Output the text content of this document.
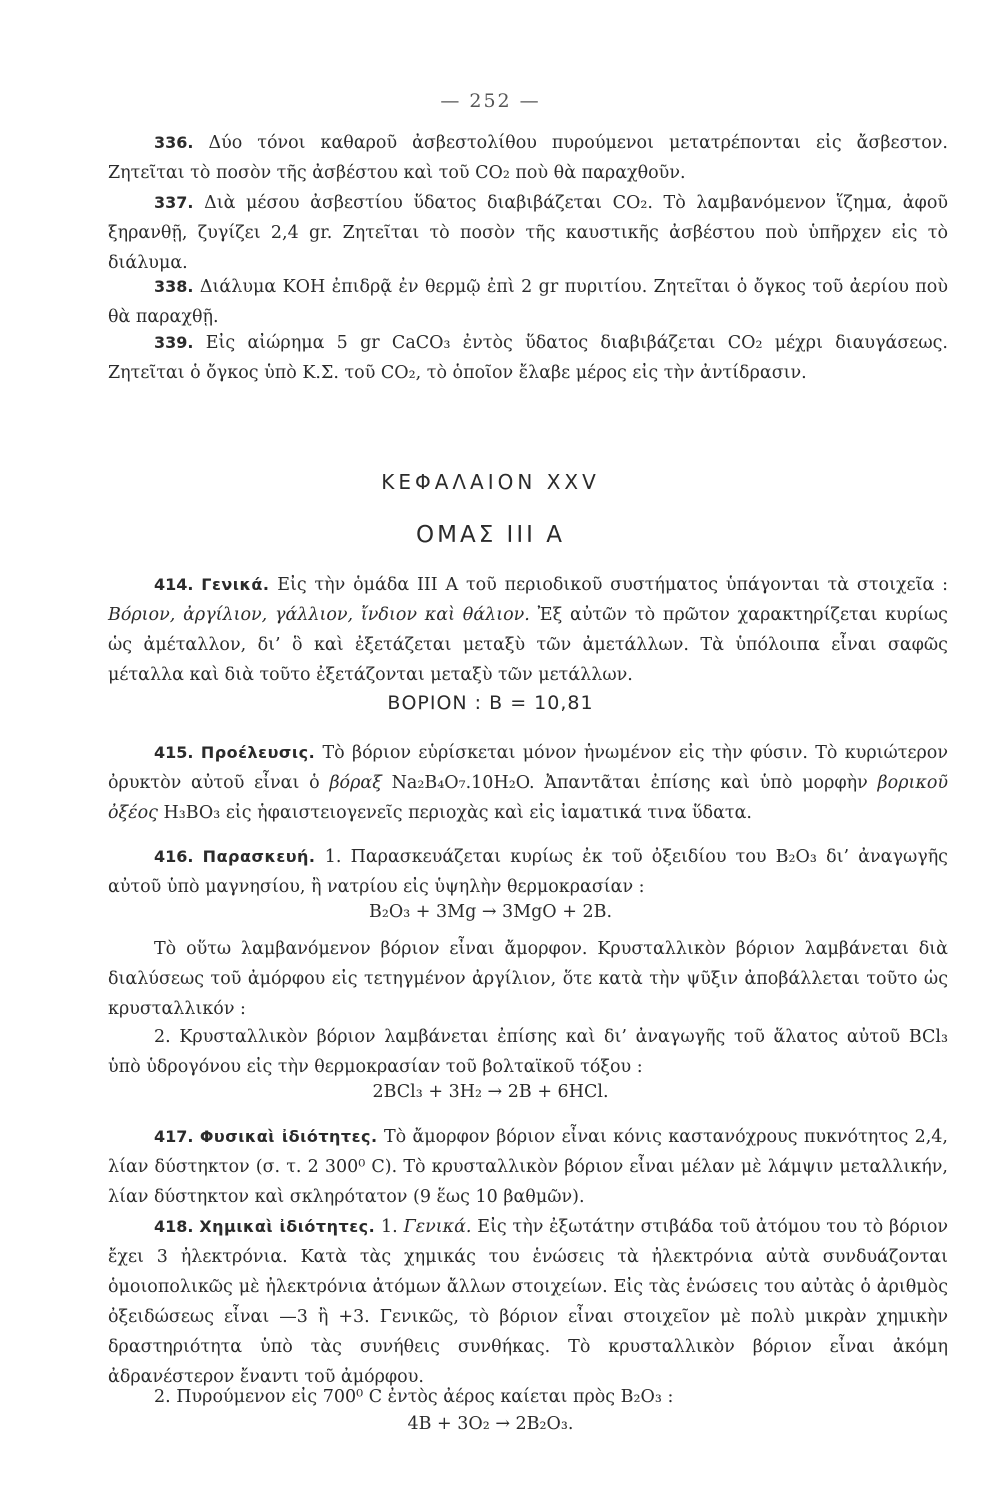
— 252 —
336. Δύο τόνοι καθαροῦ ἀσβεστολίθου πυρούμενοι μετατρέπονται εἰς ἄσβεστον. Ζητεῖται τὸ ποσὸν τῆς ἀσβέστου καὶ τοῦ CO₂ ποὺ θὰ παραχθοῦν.
337. Διὰ μέσου ἀσβεστίου ὕδατος διαβιβάζεται CO₂. Τὸ λαμβανόμενον ἵζημα, ἀφοῦ ξηρανθῇ, ζυγίζει 2,4 gr. Ζητεῖται τὸ ποσὸν τῆς καυστικῆς ἀσβέστου ποὺ ὑπῆρχεν εἰς τὸ διάλυμα.
338. Διάλυμα ΚΟΗ ἐπιδρᾷ ἐν θερμῷ ἐπὶ 2 gr πυριτίου. Ζητεῖται ὁ ὄγκος τοῦ ἀερίου ποὺ θὰ παραχθῇ.
339. Εἰς αἰώρημα 5 gr CaCO₃ ἐντὸς ὕδατος διαβιβάζεται CO₂ μέχρι διαυγάσεως. Ζητεῖται ὁ ὄγκος ὑπὸ Κ.Σ. τοῦ CO₂, τὸ ὁποῖον ἔλαβε μέρος εἰς τὴν ἀντίδρασιν.
ΚΕΦΑΛΑΙΟΝ XXV
ΟΜΑΣ ΙΙΙ Α
414. Γενικά. Εἰς τὴν ὁμάδα ΙΙΙ Α τοῦ περιοδικοῦ συστήματος ὑπάγονται τὰ στοιχεῖα : Βόριον, ἀργίλιον, γάλλιον, ἴνδιον καὶ θάλιον. Ἐξ αὐτῶν τὸ πρῶτον χαρακτηρίζεται κυρίως ὡς ἀμέταλλον, δι’ ὃ καὶ ἐξετάζεται μεταξὺ τῶν ἀμετάλλων. Τὰ ὑπόλοιπα εἶναι σαφῶς μέταλλα καὶ διὰ τοῦτο ἐξετάζονται μεταξὺ τῶν μετάλλων.
ΒΟΡΙΟΝ : Β = 10,81
415. Προέλευσις. Τὸ βόριον εὑρίσκεται μόνον ἡνωμένον εἰς τὴν φύσιν. Τὸ κυριώτερον ὀρυκτὸν αὐτοῦ εἶναι ὁ βόραξ Na₂B₄O₇.10H₂O. Ἀπαντᾶται ἐπίσης καὶ ὑπὸ μορφὴν βορικοῦ ὀξέος H₃BO₃ εἰς ἡφαιστειογενεῖς περιοχὰς καὶ εἰς ἰαματικά τινα ὕδατα.
416. Παρασκευή. 1. Παρασκευάζεται κυρίως ἐκ τοῦ ὀξειδίου του B₂O₃ δι’ ἀναγωγῆς αὐτοῦ ὑπὸ μαγνησίου, ἢ νατρίου εἰς ὑψηλὴν θερμοκρασίαν :
B₂O₃ + 3Mg → 3MgO + 2B.
Τὸ οὕτω λαμβανόμενον βόριον εἶναι ἄμορφον. Κρυσταλλικὸν βόριον λαμβάνεται διὰ διαλύσεως τοῦ ἀμόρφου εἰς τετηγμένον ἀργίλιον, ὅτε κατὰ τὴν ψῦξιν ἀποβάλλεται τοῦτο ὡς κρυσταλλικόν :
2. Κρυσταλλικὸν βόριον λαμβάνεται ἐπίσης καὶ δι’ ἀναγωγῆς τοῦ ἅλατος αὐτοῦ BCl₃ ὑπὸ ὑδρογόνου εἰς τὴν θερμοκρασίαν τοῦ βολταϊκοῦ τόξου :
2BCl₃ + 3H₂ → 2B + 6HCl.
417. Φυσικαὶ ἰδιότητες. Τὸ ἄμορφον βόριον εἶναι κόνις καστανόχρους πυκνότητος 2,4, λίαν δύστηκτον (σ. τ. 2 300⁰ C). Τὸ κρυσταλλικὸν βόριον εἶναι μέλαν μὲ λάμψιν μεταλλικήν, λίαν δύστηκτον καὶ σκληρότατον (9 ἕως 10 βαθμῶν).
418. Χημικαὶ ἰδιότητες. 1. Γενικά. Εἰς τὴν ἐξωτάτην στιβάδα τοῦ ἀτόμου του τὸ βόριον ἔχει 3 ἠλεκτρόνια. Κατὰ τὰς χημικάς του ἑνώσεις τὰ ἠλεκτρόνια αὐτὰ συνδυάζονται ὁμοιοπολικῶς μὲ ἠλεκτρόνια ἀτόμων ἄλλων στοιχείων. Εἰς τὰς ἑνώσεις του αὐτὰς ὁ ἀριθμὸς ὀξειδώσεως εἶναι —3 ἢ +3. Γενικῶς, τὸ βόριον εἶναι στοιχεῖον μὲ πολὺ μικρὰν χημικὴν δραστηριότητα ὑπὸ τὰς συνήθεις συνθήκας. Τὸ κρυσταλλικὸν βόριον εἶναι ἀκόμη ἀδρανέστερον ἔναντι τοῦ ἀμόρφου.
2. Πυρούμενον εἰς 700⁰ C ἐντὸς ἀέρος καίεται πρὸς B₂O₃ :
4B + 3O₂ → 2B₂O₃.
